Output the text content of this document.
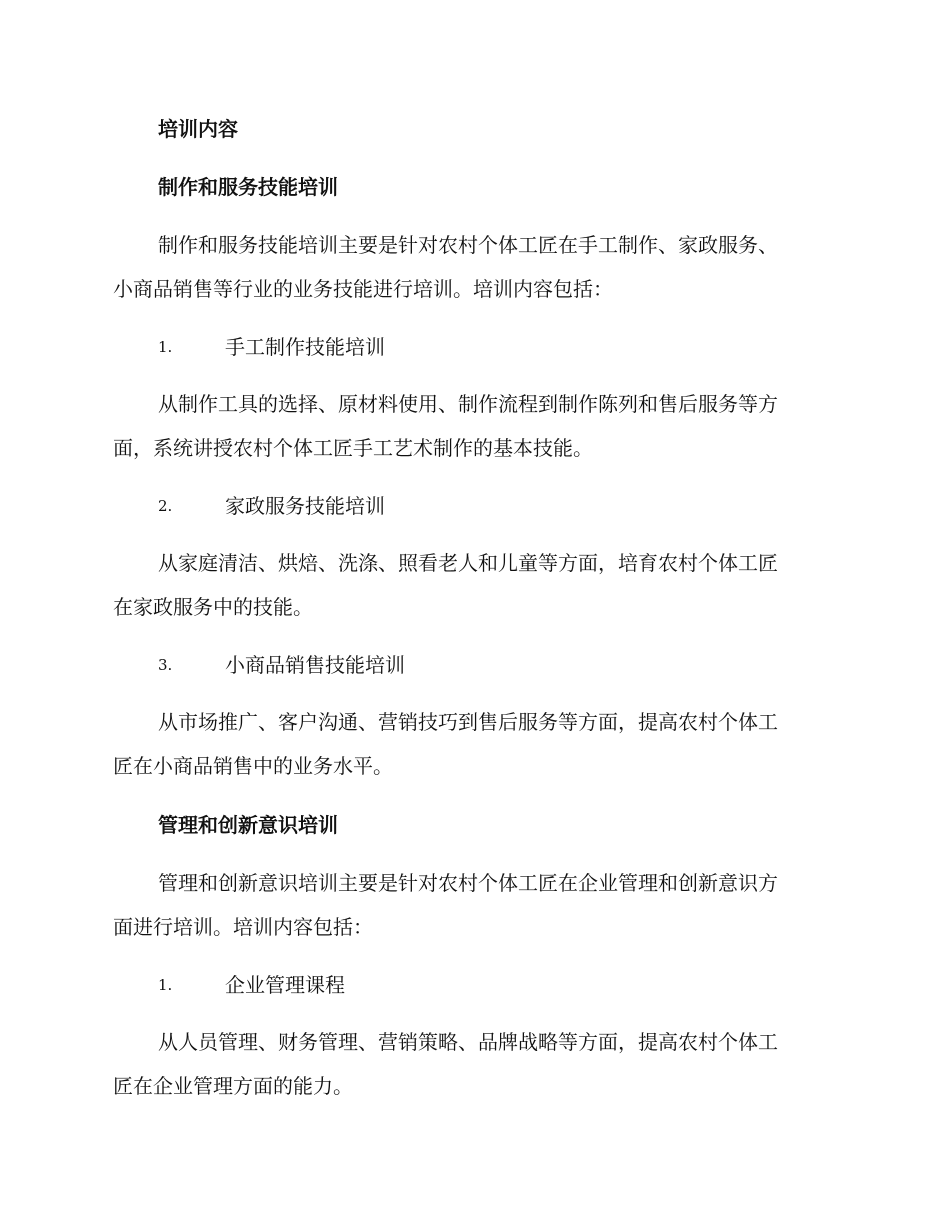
培训内容
制作和服务技能培训
制作和服务技能培训主要是针对农村个体工匠在手工制作、家政服务、
小商品销售等行业的业务技能进行培训。培训内容包括：
1.	手工制作技能培训
从制作工具的选择、原材料使用、制作流程到制作陈列和售后服务等方
面，系统讲授农村个体工匠手工艺术制作的基本技能。
2.	家政服务技能培训
从家庭清洁、烘焙、洗涤、照看老人和儿童等方面，培育农村个体工匠
在家政服务中的技能。
3.	小商品销售技能培训
从市场推广、客户沟通、营销技巧到售后服务等方面，提高农村个体工
匠在小商品销售中的业务水平。
管理和创新意识培训
管理和创新意识培训主要是针对农村个体工匠在企业管理和创新意识方
面进行培训。培训内容包括：
1.	企业管理课程
从人员管理、财务管理、营销策略、品牌战略等方面，提高农村个体工
匠在企业管理方面的能力。
